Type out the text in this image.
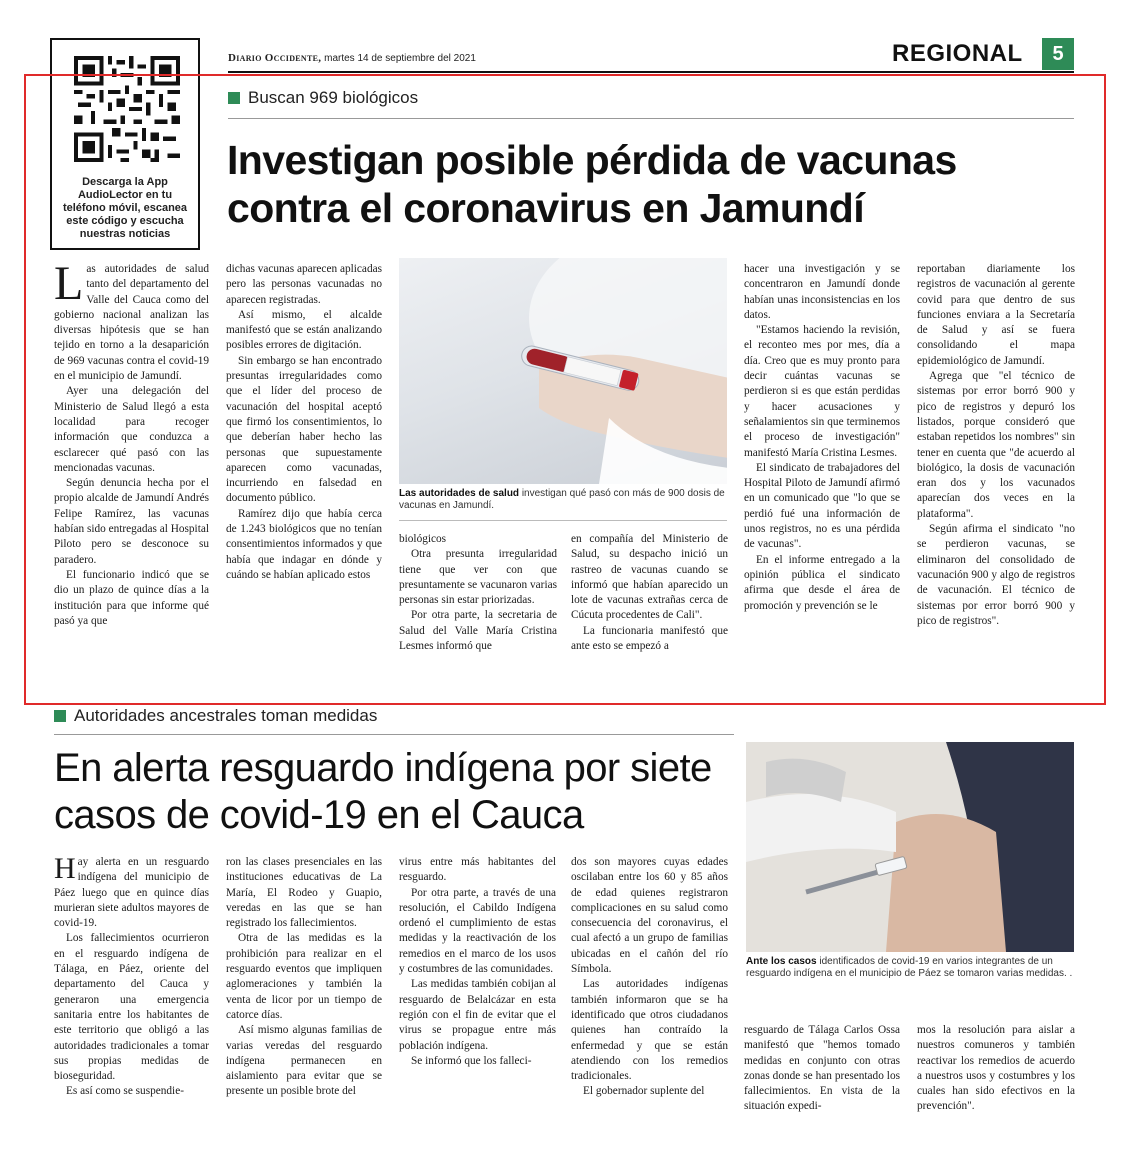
Descarga la App AudioLector en tu teléfono móvil, escanea este código y escucha nuestras noticias
Diario Occidente, martes 14 de septiembre del 2021	REGIONAL	5
Buscan 969 biológicos
Investigan posible pérdida de vacunas contra el coronavirus en Jamundí

Las autoridades de salud tanto del departamento del Valle del Cauca como del gobierno nacional analizan las diversas hipótesis que se han tejido en torno a la desaparición de 969 vacunas contra el covid-19 en el municipio de Jamundí.

Ayer una delegación del Ministerio de Salud llegó a esta localidad para recoger información que conduzca a esclarecer qué pasó con las mencionadas vacunas.

Según denuncia hecha por el propio alcalde de Jamundí Andrés Felipe Ramírez, las vacunas habían sido entregadas al Hospital Piloto pero se desconoce su paradero.

El funcionario indicó que se dio un plazo de quince días a la institución para que informe qué pasó ya que

dichas vacunas aparecen aplicadas pero las personas vacunadas no aparecen registradas.

Así mismo, el alcalde manifestó que se están analizando posibles errores de digitación.

Sin embargo se han encontrado presuntas irregularidades como que el líder del proceso de vacunación del hospital aceptó que firmó los consentimientos, lo que deberían haber hecho las personas que supuestamente aparecen como vacunadas, incurriendo en falsedad en documento público.

Ramírez dijo que había cerca de 1.243 biológicos que no tenían consentimientos informados y que había que indagar en dónde y cuándo se habían aplicado estos

Las autoridades de salud investigan qué pasó con más de 900 dosis de vacunas en Jamundí.

biológicos

Otra presunta irregularidad tiene que ver con que presuntamente se vacunaron varias personas sin estar priorizadas.

Por otra parte, la secretaria de Salud del Valle María Cristina Lesmes informó que

en compañía del Ministerio de Salud, su despacho inició un rastreo de vacunas cuando se informó que habían aparecido un lote de vacunas extrañas cerca de Cúcuta procedentes de Cali".

La funcionaria manifestó que ante esto se empezó a

hacer una investigación y se concentraron en Jamundí donde habían unas inconsistencias en los datos.

"Estamos haciendo la revisión, el reconteo mes por mes, día a día. Creo que es muy pronto para decir cuántas vacunas se perdieron si es que están perdidas y hacer acusaciones y señalamientos sin que terminemos el proceso de investigación" manifestó María Cristina Lesmes.

El sindicato de trabajadores del Hospital Piloto de Jamundí afirmó en un comunicado que "lo que se perdió fué una información de unos registros, no es una pérdida de vacunas".

En el informe entregado a la opinión pública el sindicato afirma que desde el área de promoción y prevención se le

reportaban diariamente los registros de vacunación al gerente covid para que dentro de sus funciones enviara a la Secretaría de Salud y así se fuera consolidando el mapa epidemiológico de Jamundí.

Agrega que "el técnico de sistemas por error borró 900 y pico de registros y depuró los listados, porque consideró que estaban repetidos los nombres" sin tener en cuenta que "de acuerdo al biológico, la dosis de vacunación eran dos y los vacunados aparecían dos veces en la plataforma".

Según afirma el sindicato "no se perdieron vacunas, se eliminaron del consolidado de vacunación 900 y algo de registros de vacunación. El técnico de sistemas por error borró 900 y pico de registros".

Autoridades ancestrales toman medidas
En alerta resguardo indígena por siete casos de covid-19 en el Cauca
Ante los casos identificados de covid-19 en varios integrantes de un resguardo indígena en el municipio de Páez se tomaron varias medidas. .

Hay alerta en un resguardo indígena del municipio de Páez luego que en quince días murieran siete adultos mayores de covid-19.

Los fallecimientos ocurrieron en el resguardo indígena de Tálaga, en Páez, oriente del departamento del Cauca y generaron una emergencia sanitaria entre los habitantes de este territorio que obligó a las autoridades tradicionales a tomar sus propias medidas de bioseguridad.

Es así como se suspendie-

ron las clases presenciales en las instituciones educativas de La María, El Rodeo y Guapio, veredas en las que se han registrado los fallecimientos.

Otra de las medidas es la prohibición para realizar en el resguardo eventos que impliquen aglomeraciones y también la venta de licor por un tiempo de catorce días.

Así mismo algunas familias de varias veredas del resguardo indígena permanecen en aislamiento para evitar que se presente un posible brote del

virus entre más habitantes del resguardo.

Por otra parte, a través de una resolución, el Cabildo Indígena ordenó el cumplimiento de estas medidas y la reactivación de los remedios en el marco de los usos y costumbres de las comunidades.

Las medidas también cobijan al resguardo de Belalcázar en esta región con el fin de evitar que el virus se propague entre más población indígena.

Se informó que los falleci-

dos son mayores cuyas edades oscilaban entre los 60 y 85 años de edad quienes registraron complicaciones en su salud como consecuencia del coronavirus, el cual afectó a un grupo de familias ubicadas en el cañón del río Símbola.

Las autoridades indígenas también informaron que se ha identificado que otros ciudadanos quienes han contraído la enfermedad y que se están atendiendo con los remedios tradicionales.

El gobernador suplente del

resguardo de Tálaga Carlos Ossa manifestó que "hemos tomado medidas en conjunto con otras zonas donde se han presentado los fallecimientos. En vista de la situación expedi-

mos la resolución para aislar a nuestros comuneros y también reactivar los remedios de acuerdo a nuestros usos y costumbres y los cuales han sido efectivos en la prevención".
